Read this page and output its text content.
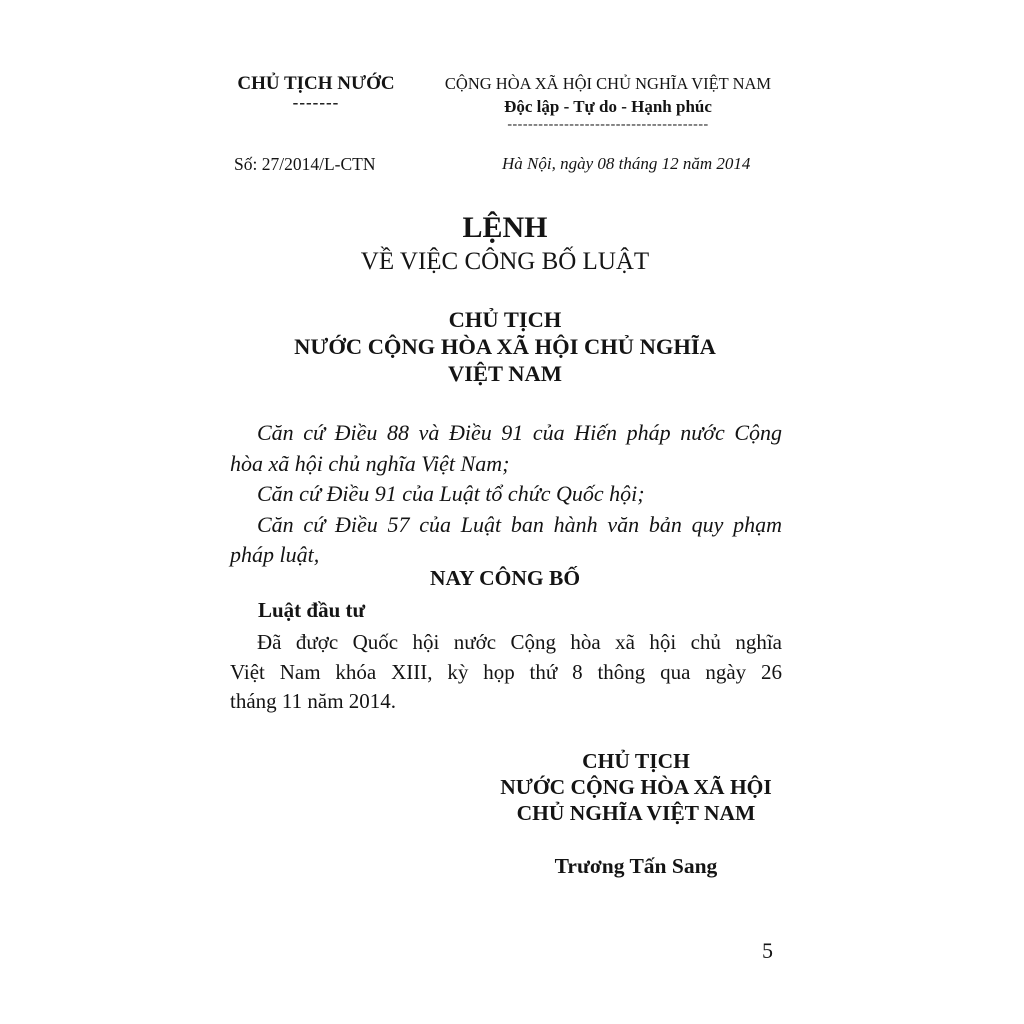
CHỦ TỊCH NƯỚC
-------
CỘNG HÒA XÃ HỘI CHỦ NGHĨA VIỆT NAM
Độc lập - Tự do - Hạnh phúc
---------------------------------------
Số: 27/2014/L-CTN	Hà Nội, ngày 08 tháng 12 năm 2014
LỆNH
VỀ VIỆC CÔNG BỐ LUẬT
CHỦ TỊCH
NƯỚC CỘNG HÒA XÃ HỘI CHỦ NGHĨA
VIỆT NAM
Căn cứ Điều 88 và Điều 91 của Hiến pháp nước Cộng
hòa xã hội chủ nghĩa Việt Nam;
Căn cứ Điều 91 của Luật tổ chức Quốc hội;
Căn cứ Điều 57 của Luật ban hành văn bản quy phạm
pháp luật,
NAY CÔNG BỐ
Luật đầu tư
Đã được Quốc hội nước Cộng hòa xã hội chủ nghĩa
Việt Nam khóa XIII, kỳ họp thứ 8 thông qua ngày 26
tháng 11 năm 2014.
CHỦ TỊCH
NƯỚC CỘNG HÒA XÃ HỘI
CHỦ NGHĨA VIỆT NAM
Trương Tấn Sang
5
